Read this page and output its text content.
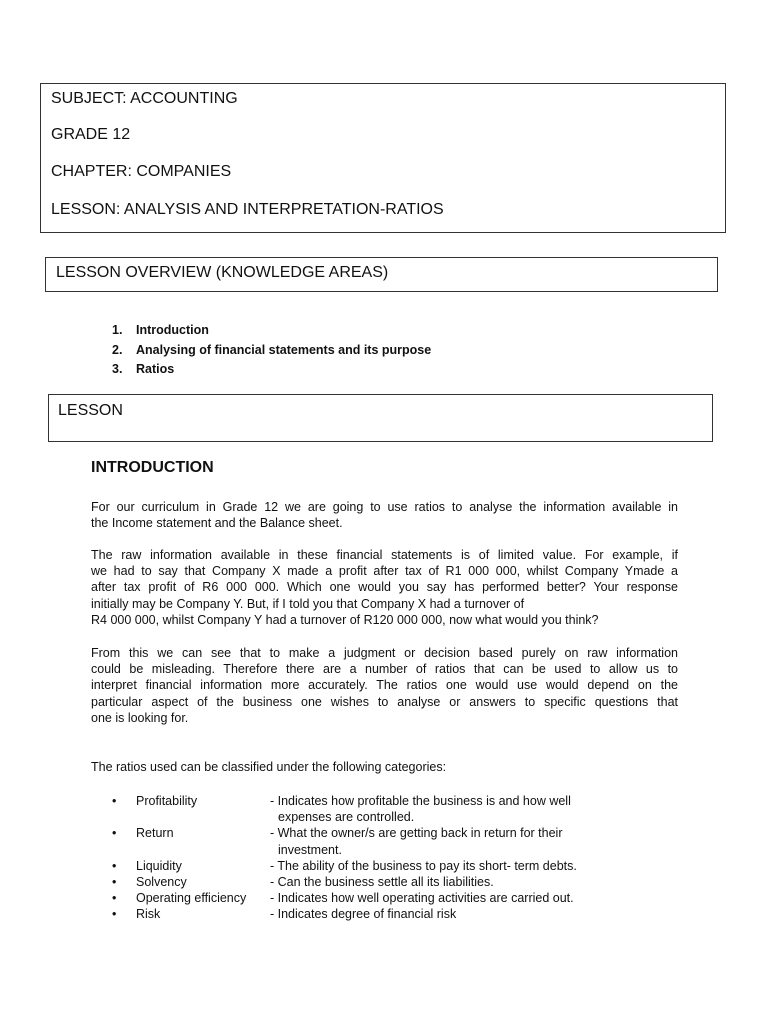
SUBJECT: ACCOUNTING
GRADE 12
CHAPTER: COMPANIES
LESSON: ANALYSIS AND INTERPRETATION-RATIOS
LESSON OVERVIEW (KNOWLEDGE AREAS)
1.	Introduction
2.	Analysing of financial statements and its purpose
3.	Ratios
LESSON
INTRODUCTION
For our curriculum in Grade 12 we are going to use ratios to analyse the information available in
the Income statement and the Balance sheet.
The raw information available in these financial statements is of limited value. For example, if
we had to say that Company X made a profit after tax of R1 000 000, whilst Company Ymade a
after tax profit of R6 000 000. Which one would you say has performed better? Your response
initially may be Company Y. But, if I told you that Company X had a turnover of
R4 000 000, whilst Company Y had a turnover of R120 000 000, now what would you think?
From this we can see that to make a judgment or decision based purely on raw information
could be misleading. Therefore there are a number of ratios that can be used to allow us to
interpret financial information more accurately. The ratios one would use would depend on the
particular aspect of the business one wishes to analyse or answers to specific questions that
one is looking for.
The ratios used can be classified under the following categories:
• Profitability	- Indicates how profitable the business is and how well
expenses are controlled.
• Return	- What the owner/s are getting back in return for their
investment.
• Liquidity	- The ability of the business to pay its short- term debts.
• Solvency	- Can the business settle all its liabilities.
• Operating efficiency - Indicates how well operating activities are carried out.
• Risk	- Indicates degree of financial risk
